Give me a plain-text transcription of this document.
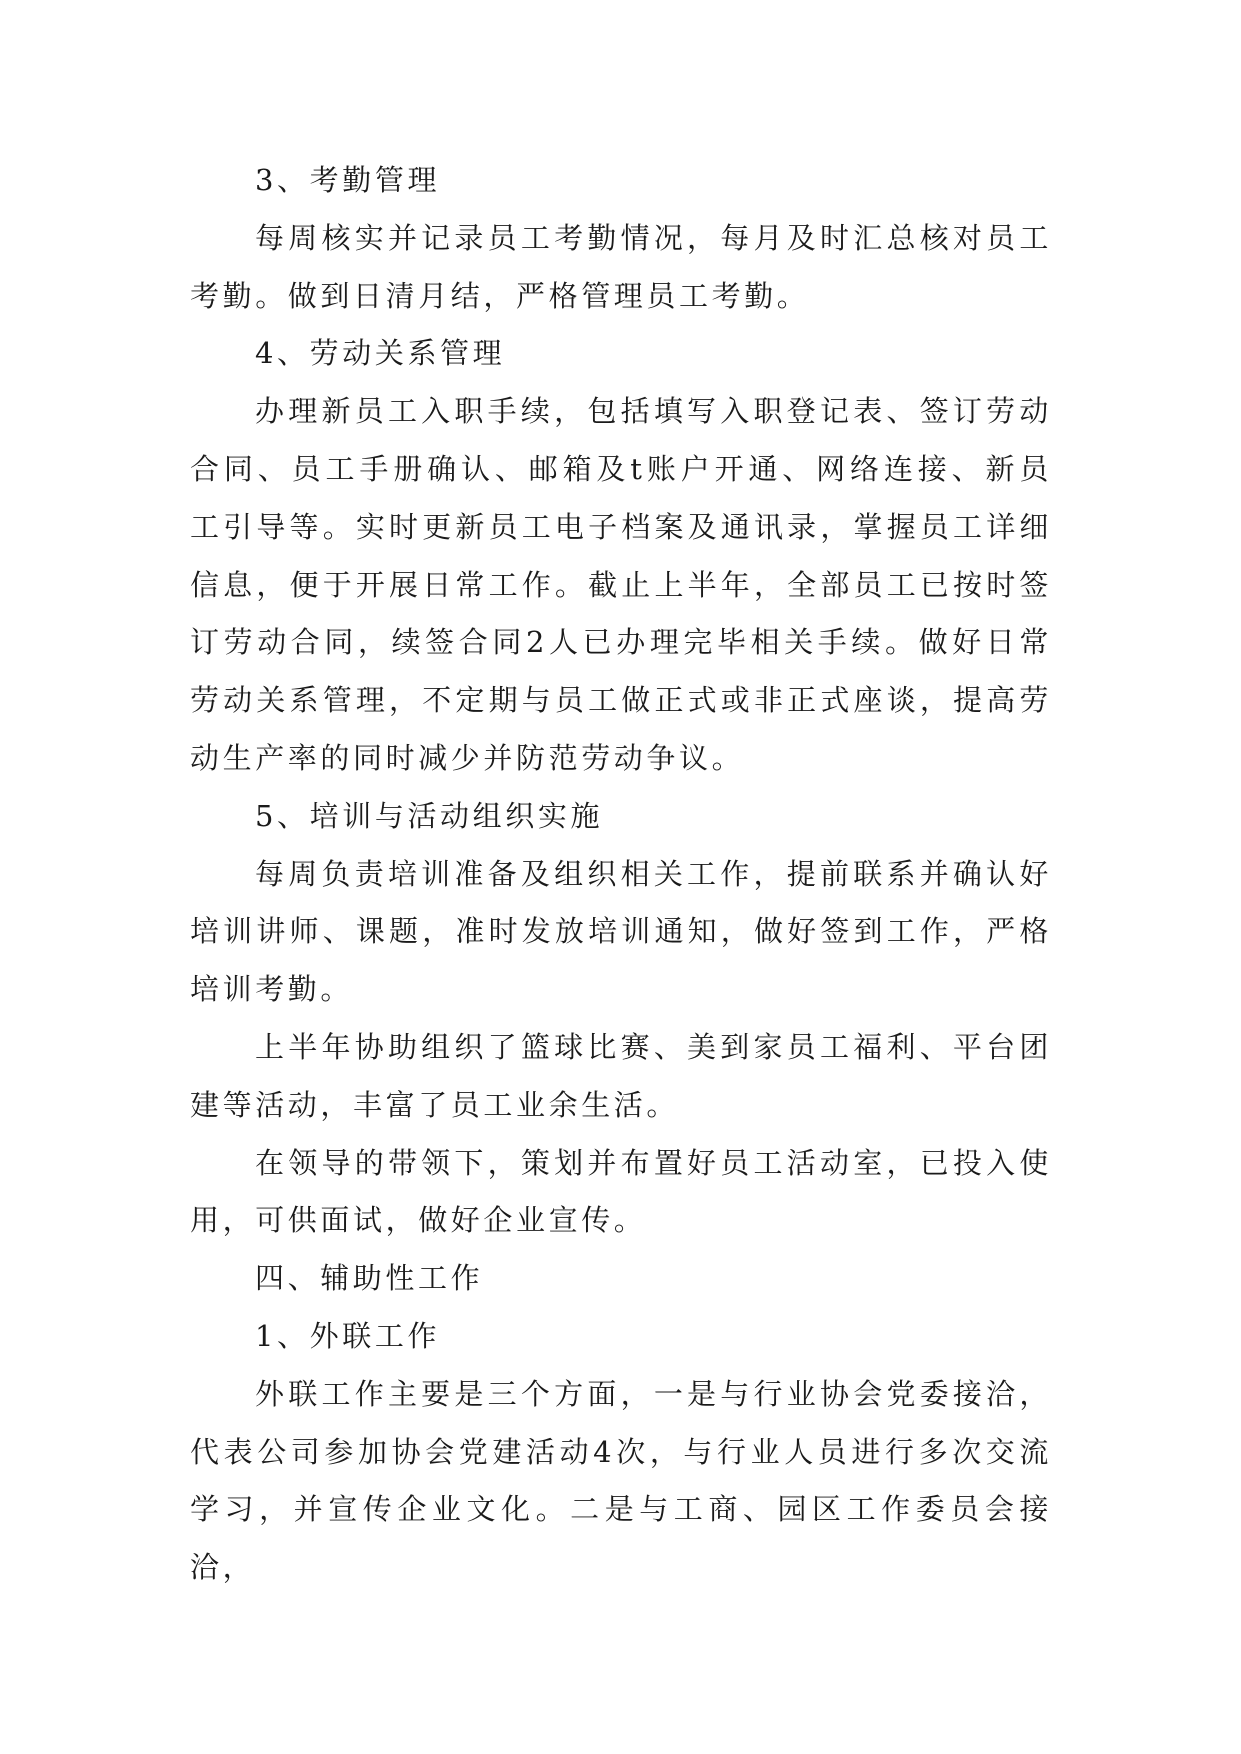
3、考勤管理

每周核实并记录员工考勤情况，每月及时汇总核对员工考勤。做到日清月结，严格管理员工考勤。

4、劳动关系管理

办理新员工入职手续，包括填写入职登记表、签订劳动合同、员工手册确认、邮箱及t账户开通、网络连接、新员工引导等。实时更新员工电子档案及通讯录，掌握员工详细信息，便于开展日常工作。截止上半年，全部员工已按时签订劳动合同，续签合同2人已办理完毕相关手续。做好日常劳动关系管理，不定期与员工做正式或非正式座谈，提高劳动生产率的同时减少并防范劳动争议。

5、培训与活动组织实施

每周负责培训准备及组织相关工作，提前联系并确认好培训讲师、课题，准时发放培训通知，做好签到工作，严格培训考勤。

上半年协助组织了篮球比赛、美到家员工福利、平台团建等活动，丰富了员工业余生活。

在领导的带领下，策划并布置好员工活动室，已投入使用，可供面试，做好企业宣传。

四、辅助性工作

1、外联工作

外联工作主要是三个方面，一是与行业协会党委接洽，代表公司参加协会党建活动4次，与行业人员进行多次交流学习，并宣传企业文化。二是与工商、园区工作委员会接洽，
